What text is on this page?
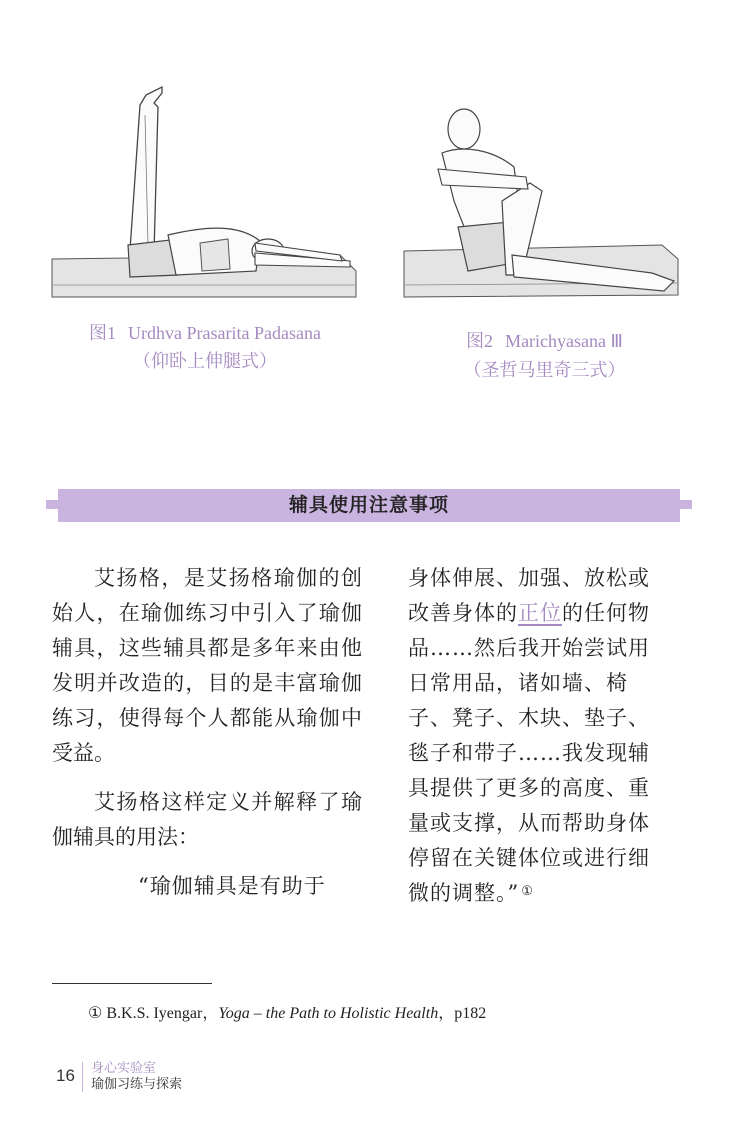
图1 Urdhva Prasarita Padasana
（仰卧上伸腿式）
图2 Marichyasana Ⅲ
（圣哲马里奇三式）
辅具使用注意事项

艾扬格，是艾扬格瑜伽的创始人，在瑜伽练习中引入了瑜伽辅具，这些辅具都是多年来由他发明并改造的，目的是丰富瑜伽练习，使得每个人都能从瑜伽中受益。

艾扬格这样定义并解释了瑜伽辅具的用法：

“瑜伽辅具是有助于

身体伸展、加强、放松或改善身体的正位的任何物品……然后我开始尝试用日常用品，诸如墙、椅子、凳子、木块、垫子、毯子和带子……我发现辅具提供了更多的高度、重量或支撑，从而帮助身体停留在关键体位或进行细微的调整。” ①
① B.K.S. Iyengar，Yoga – the Path to Holistic Health，p182
16 身心实验室
瑜伽习练与探索
